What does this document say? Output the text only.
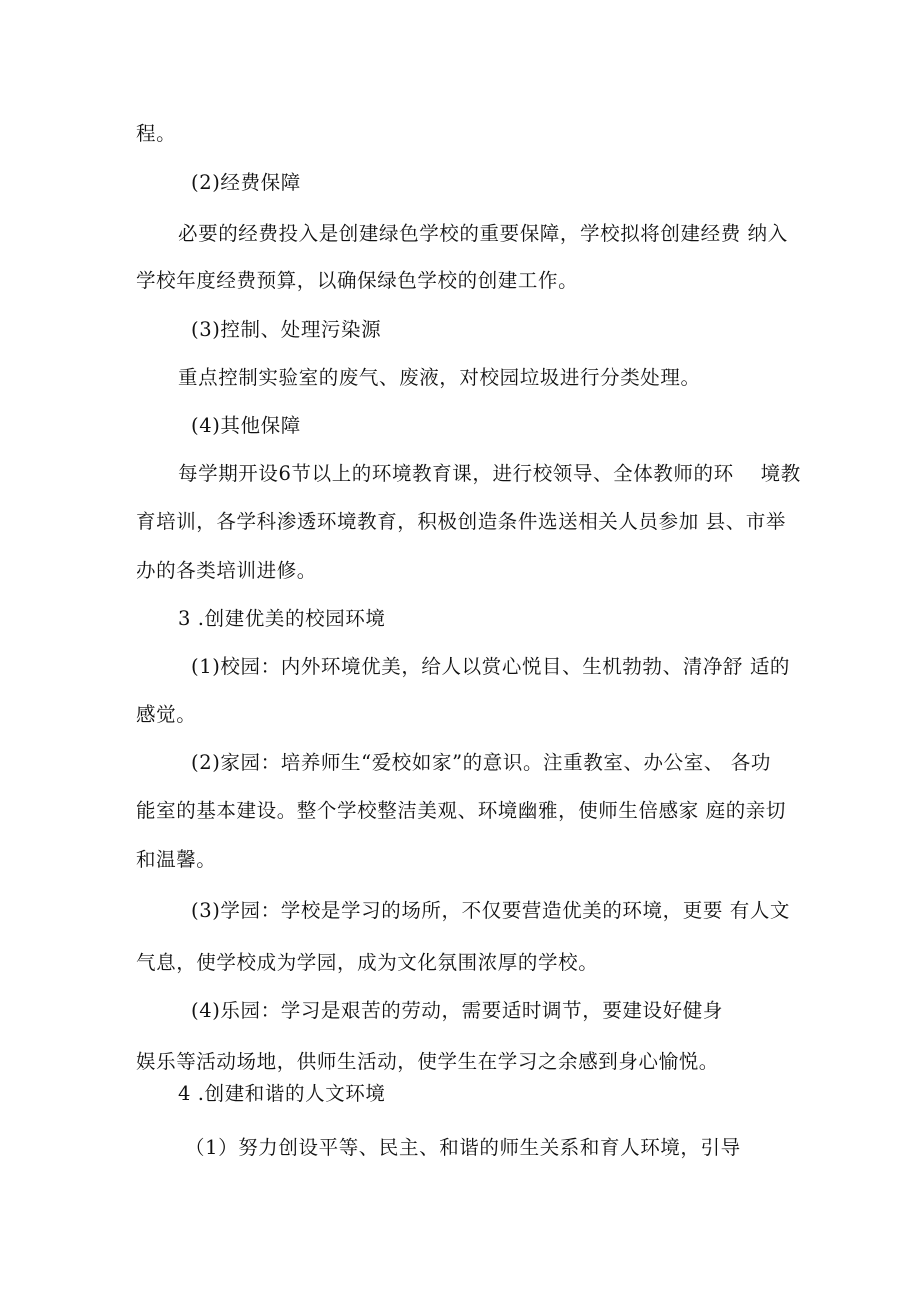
程。
(2)经费保障
必要的经费投入是创建绿色学校的重要保障，学校拟将创建经费 纳入
学校年度经费预算，以确保绿色学校的创建工作。
(3)控制、处理污染源
重点控制实验室的废气、废液，对校园垃圾进行分类处理。
(4)其他保障
每学期开设6节以上的环境教育课，进行校领导、全体教师的环　 境教
育培训，各学科渗透环境教育，积极创造条件选送相关人员参加 县、市举
办的各类培训进修。
3 .创建优美的校园环境
(1)校园：内外环境优美，给人以赏心悦目、生机勃勃、清净舒 适的
感觉。
(2)家园：培养师生“爱校如家”的意识。注重教室、办公室、 各功
能室的基本建设。整个学校整洁美观、环境幽雅，使师生倍感家 庭的亲切
和温馨。
(3)学园：学校是学习的场所，不仅要营造优美的环境，更要 有人文
气息，使学校成为学园，成为文化氛围浓厚的学校。
(4)乐园：学习是艰苦的劳动，需要适时调节，要建设好健身
娱乐等活动场地，供师生活动，使学生在学习之余感到身心愉悦。
4 .创建和谐的人文环境
（1）努力创设平等、民主、和谐的师生关系和育人环境，引导
